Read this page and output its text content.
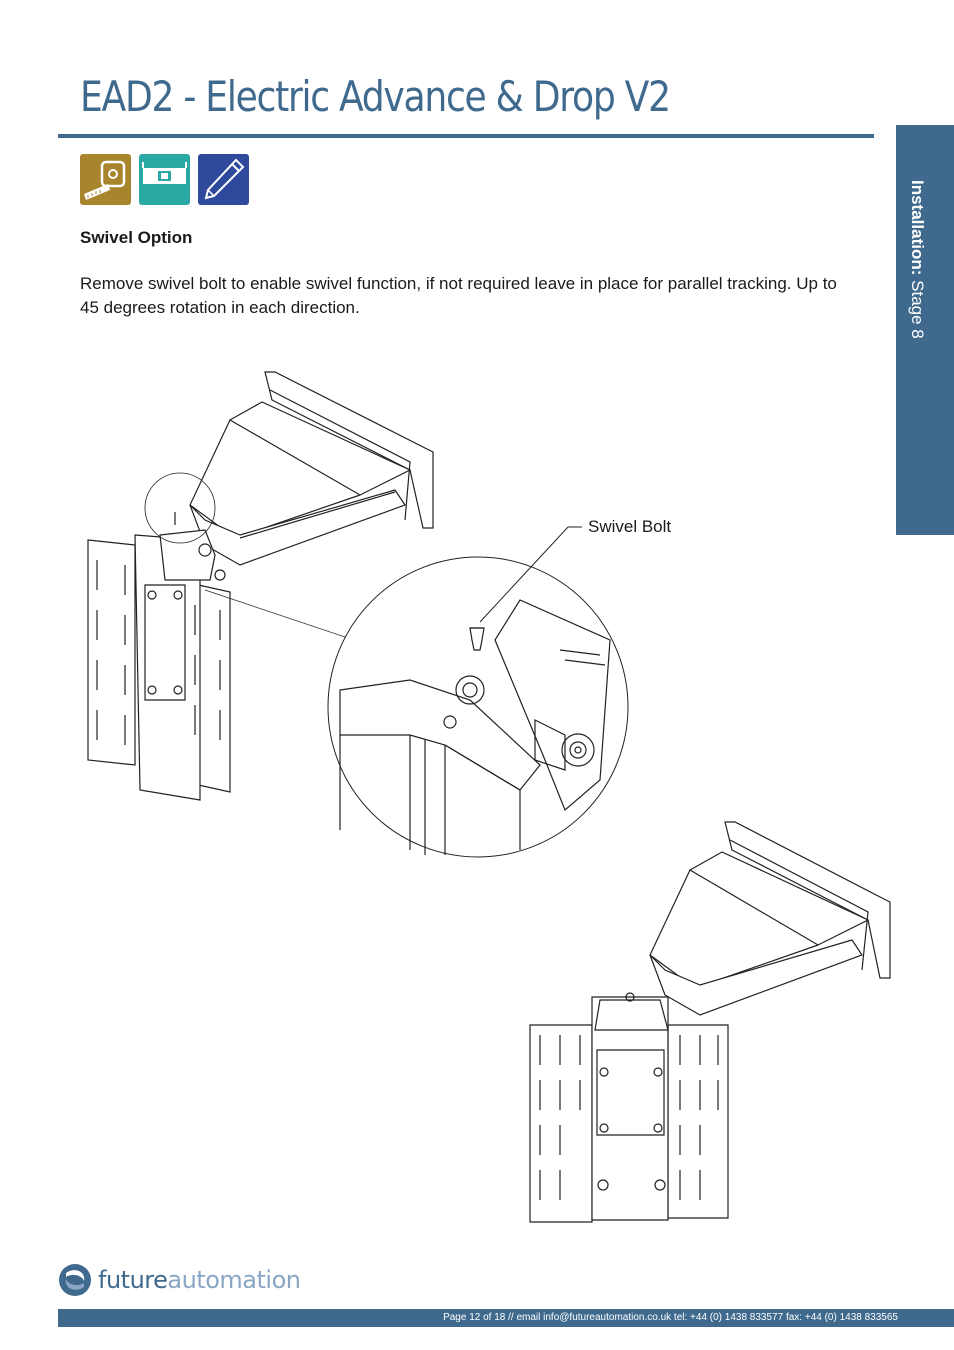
EAD2 - Electric Advance & Drop V2
Swivel Option
Remove swivel bolt to enable swivel function, if not required leave in place for parallel tracking. Up to 45 degrees rotation in each direction.
Installation: Stage 8
Swivel Bolt
futureautomation
Page 12 of 18 // email info@futureautomation.co.uk tel: +44 (0) 1438 833577 fax: +44 (0) 1438 833565
